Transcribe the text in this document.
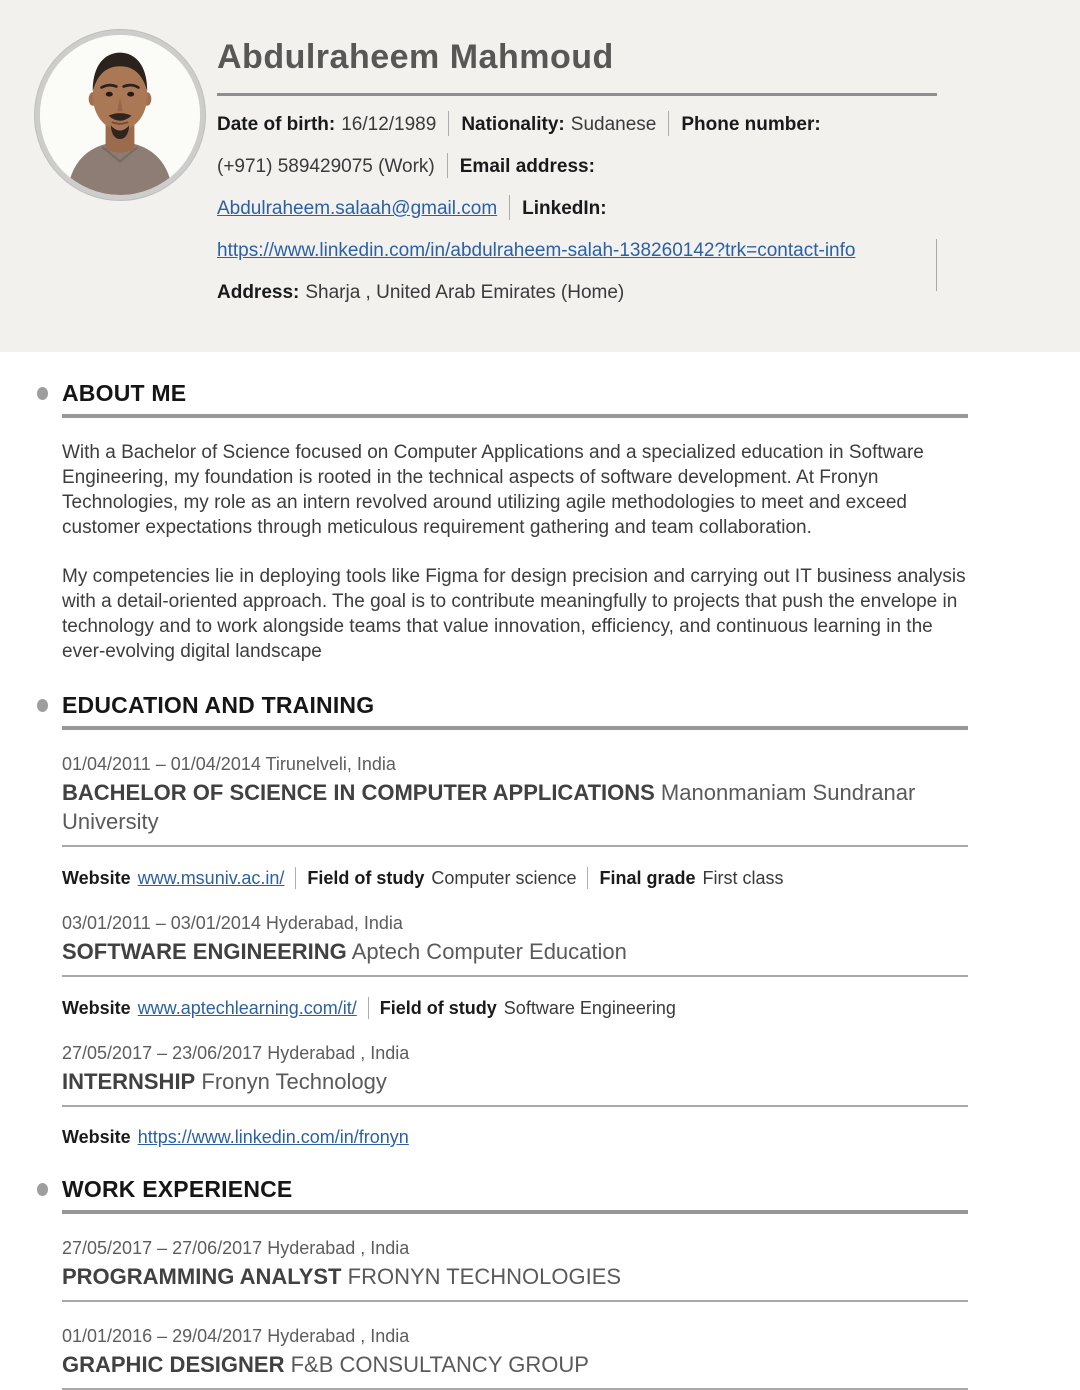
Abdulraheem Mahmoud
Date of birth: 16/12/1989 Nationality: Sudanese Phone number:
(+971) 589429075 (Work) Email address:
Abdulraheem.salaah@gmail.com LinkedIn:
https://www.linkedin.com/in/abdulraheem-salah-138260142?trk=contact-info
Address: Sharja , United Arab Emirates (Home)
ABOUT ME

With a Bachelor of Science focused on Computer Applications and a specialized education in Software Engineering, my foundation is rooted in the technical aspects of software development. At Fronyn Technologies, my role as an intern revolved around utilizing agile methodologies to meet and exceed customer expectations through meticulous requirement gathering and team collaboration.

My competencies lie in deploying tools like Figma for design precision and carrying out IT business analysis with a detail-oriented approach. The goal is to contribute meaningfully to projects that push the envelope in technology and to work alongside teams that value innovation, efficiency, and continuous learning in the ever-evolving digital landscape

EDUCATION AND TRAINING
01/04/2011 – 01/04/2014 Tirunelveli, India
BACHELOR OF SCIENCE IN COMPUTER APPLICATIONS Manonmaniam Sundranar University
Website www.msuniv.ac.in/ Field of study Computer science Final grade First class
03/01/2011 – 03/01/2014 Hyderabad, India
SOFTWARE ENGINEERING Aptech Computer Education
Website www.aptechlearning.com/it/ Field of study Software Engineering
27/05/2017 – 23/06/2017 Hyderabad , India
INTERNSHIP Fronyn Technology
Website https://www.linkedin.com/in/fronyn
WORK EXPERIENCE
27/05/2017 – 27/06/2017 Hyderabad , India
PROGRAMMING ANALYST FRONYN TECHNOLOGIES
01/01/2016 – 29/04/2017 Hyderabad , India
GRAPHIC DESIGNER F&B CONSULTANCY GROUP
